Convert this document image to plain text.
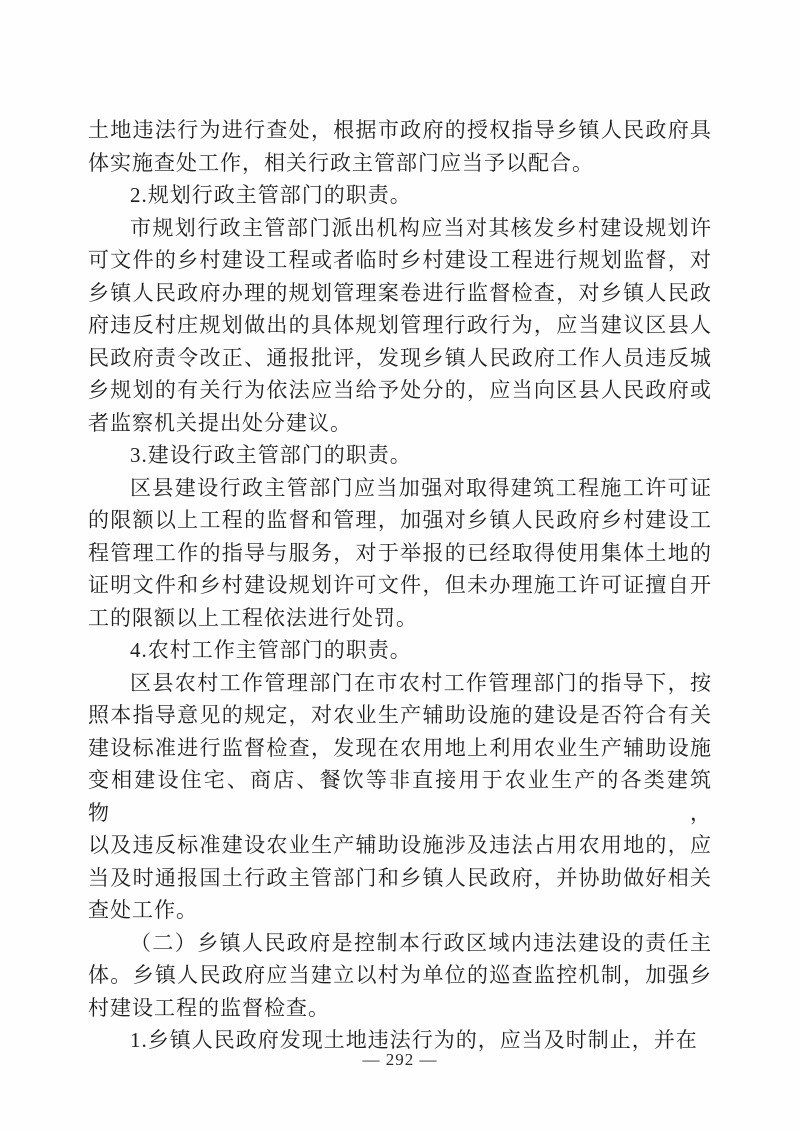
土地违法行为进行查处，根据市政府的授权指导乡镇人民政府具
体实施查处工作，相关行政主管部门应当予以配合。

2.规划行政主管部门的职责。

市规划行政主管部门派出机构应当对其核发乡村建设规划许
可文件的乡村建设工程或者临时乡村建设工程进行规划监督，对
乡镇人民政府办理的规划管理案卷进行监督检查，对乡镇人民政
府违反村庄规划做出的具体规划管理行政行为，应当建议区县人
民政府责令改正、通报批评，发现乡镇人民政府工作人员违反城
乡规划的有关行为依法应当给予处分的，应当向区县人民政府或
者监察机关提出处分建议。

3.建设行政主管部门的职责。

区县建设行政主管部门应当加强对取得建筑工程施工许可证
的限额以上工程的监督和管理，加强对乡镇人民政府乡村建设工
程管理工作的指导与服务，对于举报的已经取得使用集体土地的
证明文件和乡村建设规划许可文件，但未办理施工许可证擅自开
工的限额以上工程依法进行处罚。

4.农村工作主管部门的职责。

区县农村工作管理部门在市农村工作管理部门的指导下，按
照本指导意见的规定，对农业生产辅助设施的建设是否符合有关
建设标准进行监督检查，发现在农用地上利用农业生产辅助设施
变相建设住宅、商店、餐饮等非直接用于农业生产的各类建筑物，
以及违反标准建设农业生产辅助设施涉及违法占用农用地的，应
当及时通报国土行政主管部门和乡镇人民政府，并协助做好相关
查处工作。

（二）乡镇人民政府是控制本行政区域内违法建设的责任主
体。乡镇人民政府应当建立以村为单位的巡查监控机制，加强乡
村建设工程的监督检查。

1.乡镇人民政府发现土地违法行为的，应当及时制止，并在

— 292 —
